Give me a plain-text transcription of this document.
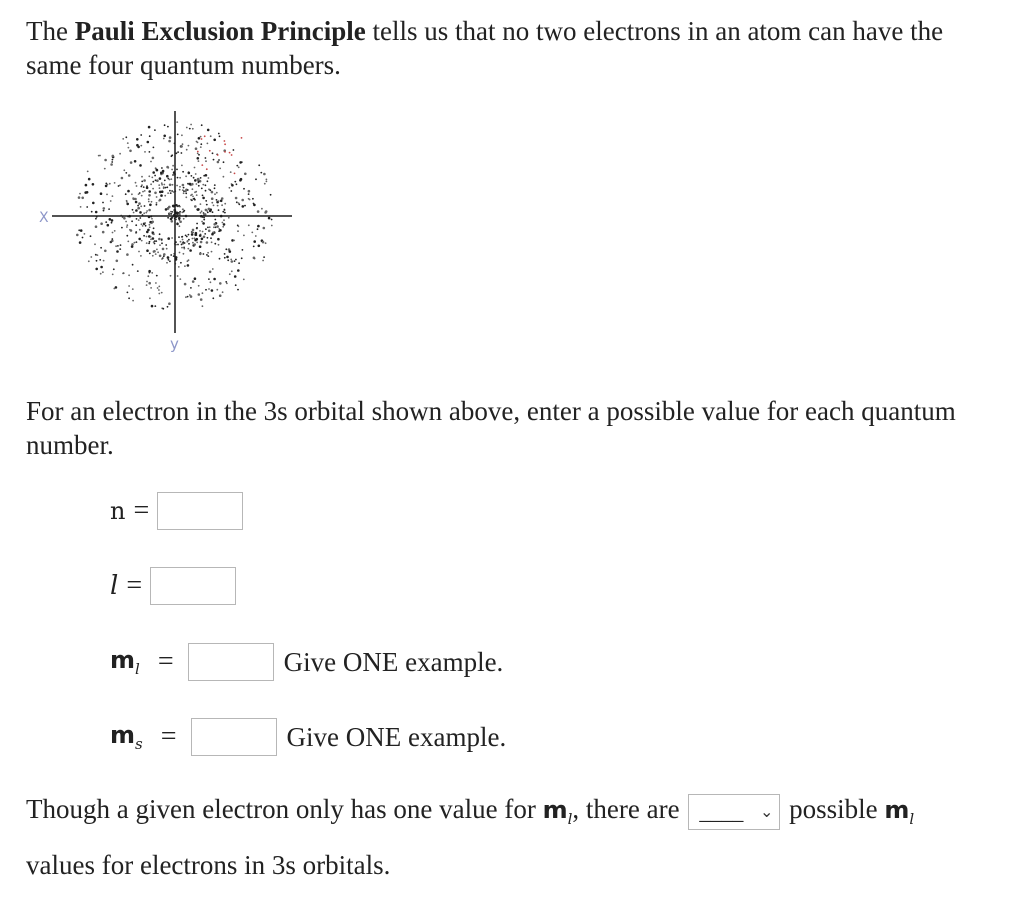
The Pauli Exclusion Principle tells us that no two electrons in an atom can have the same four quantum numbers.
X
y
For an electron in the 3s orbital shown above, enter a possible value for each quantum number.
n =
l =
$m_l$ =	Give ONE example.
$m_s$ =	Give ONE example.
Though a given electron only has one value for $m_l$, there are ____ ⌄ possible $m_l$
values for electrons in 3s orbitals.
